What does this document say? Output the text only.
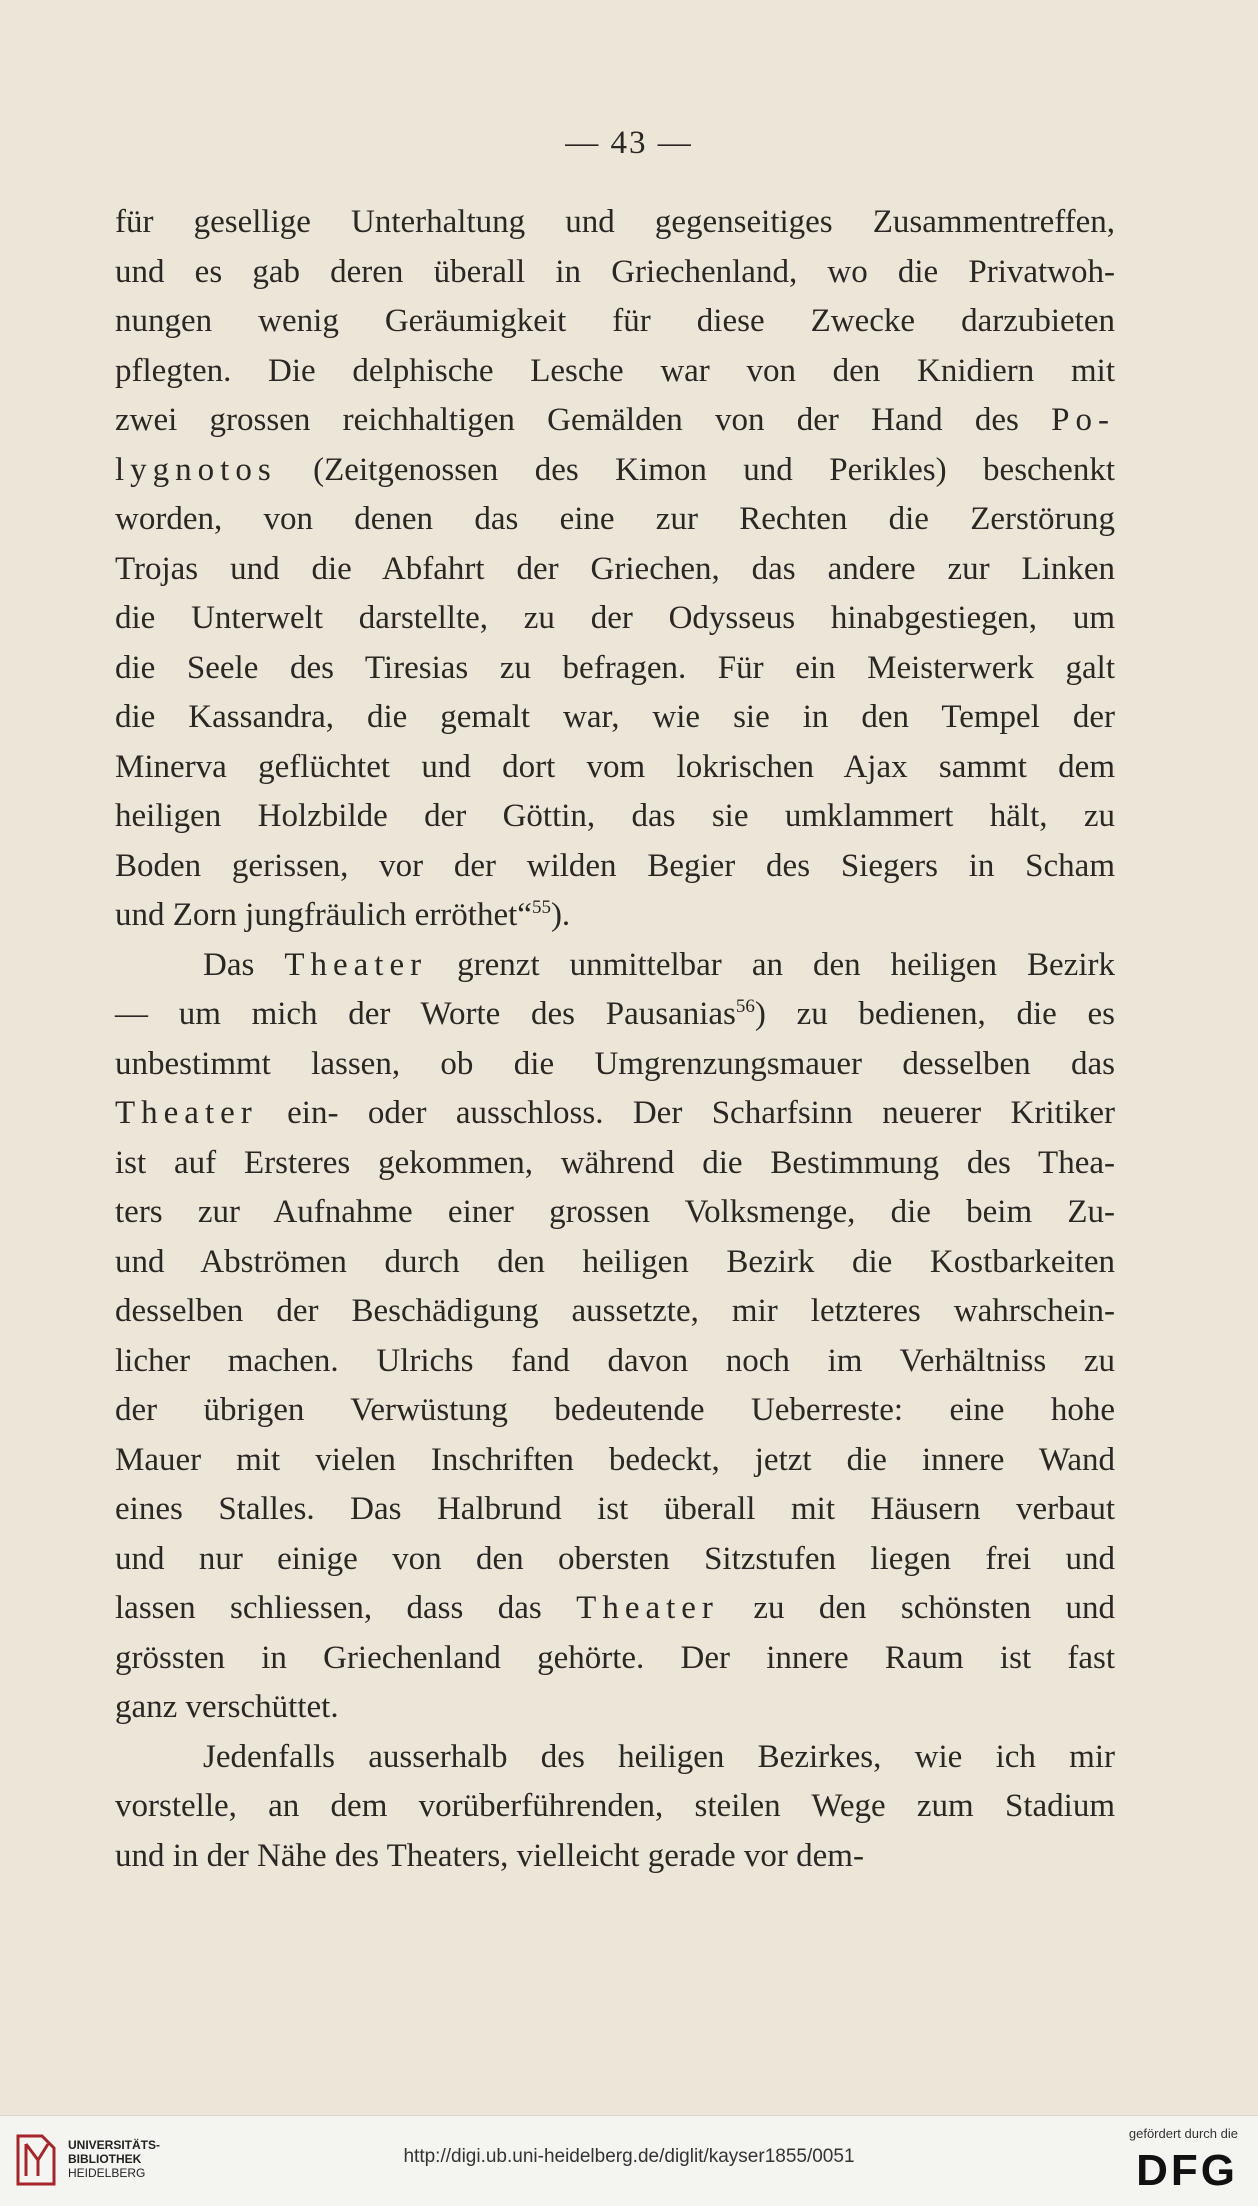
— 43 —
für gesellige Unterhaltung und gegenseitiges Zusammentreffen,
und es gab deren überall in Griechenland, wo die Privatwoh-
nungen wenig Geräumigkeit für diese Zwecke darzubieten
pflegten. Die delphische Lesche war von den Knidiern mit
zwei grossen reichhaltigen Gemälden von der Hand des Po-
lygnotos (Zeitgenossen des Kimon und Perikles) beschenkt
worden, von denen das eine zur Rechten die Zerstörung
Trojas und die Abfahrt der Griechen, das andere zur Linken
die Unterwelt darstellte, zu der Odysseus hinabgestiegen, um
die Seele des Tiresias zu befragen. Für ein Meisterwerk galt
die Kassandra, die gemalt war, wie sie in den Tempel der
Minerva geflüchtet und dort vom lokrischen Ajax sammt dem
heiligen Holzbilde der Göttin, das sie umklammert hält, zu
Boden gerissen, vor der wilden Begier des Siegers in Scham
und Zorn jungfräulich erröthet“$^{55}$).
Das Theater grenzt unmittelbar an den heiligen Bezirk
— um mich der Worte des Pausanias$^{56}$) zu bedienen, die es
unbestimmt lassen, ob die Umgrenzungsmauer desselben das
Theater ein- oder ausschloss. Der Scharfsinn neuerer Kritiker
ist auf Ersteres gekommen, während die Bestimmung des Thea-
ters zur Aufnahme einer grossen Volksmenge, die beim Zu-
und Abströmen durch den heiligen Bezirk die Kostbarkeiten
desselben der Beschädigung aussetzte, mir letzteres wahrschein-
licher machen. Ulrichs fand davon noch im Verhältniss zu
der übrigen Verwüstung bedeutende Ueberreste: eine hohe
Mauer mit vielen Inschriften bedeckt, jetzt die innere Wand
eines Stalles. Das Halbrund ist überall mit Häusern verbaut
und nur einige von den obersten Sitzstufen liegen frei und
lassen schliessen, dass das Theater zu den schönsten und
grössten in Griechenland gehörte. Der innere Raum ist fast
ganz verschüttet.
Jedenfalls ausserhalb des heiligen Bezirkes, wie ich mir
vorstelle, an dem vorüberführenden, steilen Wege zum Stadium
und in der Nähe des Theaters, vielleicht gerade vor dem-
UNIVERSITÄTS-
BIBLIOTHEK
HEIDELBERG
http://digi.ub.uni-heidelberg.de/diglit/kayser1855/0051
gefördert durch die
DFG
